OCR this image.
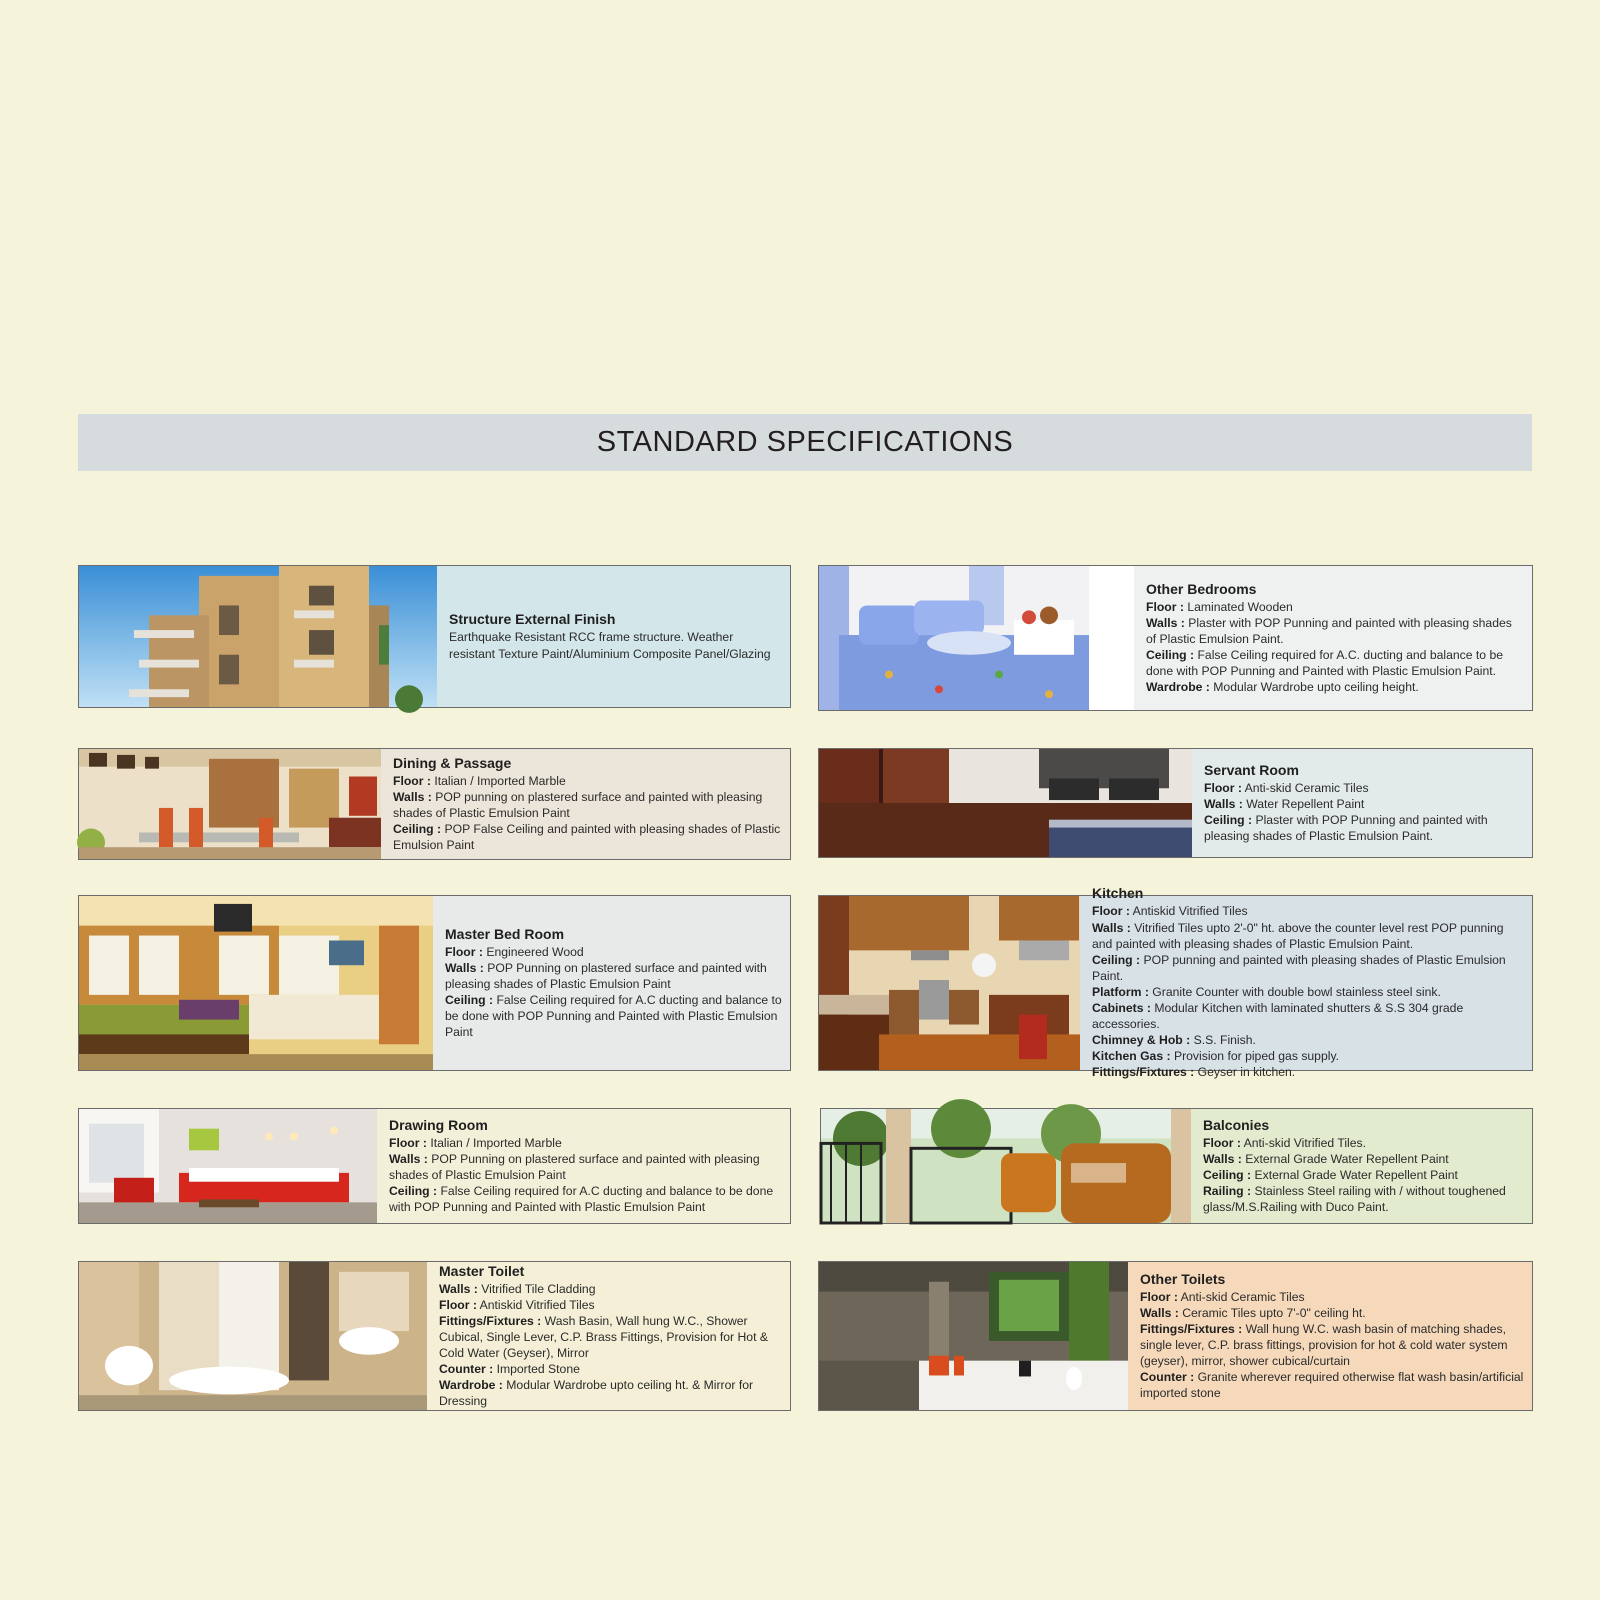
STANDARD SPECIFICATIONS
Structure External Finish
Earthquake Resistant RCC frame structure. Weather resistant Texture Paint/Aluminium Composite Panel/Glazing
Other Bedrooms
Floor : Laminated Wooden
Walls : Plaster with POP Punning and painted with pleasing shades of Plastic Emulsion Paint.
Ceiling : False Ceiling required for A.C. ducting and balance to be done with POP Punning and Painted with Plastic Emulsion Paint.
Wardrobe : Modular Wardrobe upto ceiling height.
Dining & Passage
Floor : Italian / Imported Marble
Walls : POP punning on plastered surface and painted with pleasing shades of Plastic Emulsion Paint
Ceiling : POP False Ceiling and painted with pleasing shades of Plastic Emulsion Paint
Servant Room
Floor : Anti-skid Ceramic Tiles
Walls : Water Repellent Paint
Ceiling : Plaster with POP Punning and painted with pleasing shades of Plastic Emulsion Paint.
Master Bed Room
Floor : Engineered Wood
Walls : POP Punning on plastered surface and painted with pleasing shades of Plastic Emulsion Paint
Ceiling : False Ceiling required for A.C ducting and balance to be done with POP Punning and Painted with Plastic Emulsion Paint
Kitchen
Floor : Antiskid Vitrified Tiles
Walls : Vitrified Tiles upto 2'-0" ht. above the counter level rest POP punning and painted with pleasing shades of Plastic Emulsion Paint.
Ceiling : POP punning and painted with pleasing shades of Plastic Emulsion Paint.
Platform : Granite Counter with double bowl stainless steel sink.
Cabinets : Modular Kitchen with laminated shutters & S.S 304 grade accessories.
Chimney & Hob : S.S. Finish.
Kitchen Gas : Provision for piped gas supply.
Fittings/Fixtures : Geyser in kitchen.
Drawing Room
Floor : Italian / Imported Marble
Walls : POP Punning on plastered surface and painted with pleasing shades of Plastic Emulsion Paint
Ceiling : False Ceiling required for A.C ducting and balance to be done with POP Punning and Painted with Plastic Emulsion Paint
Balconies
Floor : Anti-skid Vitrified Tiles.
Walls : External Grade Water Repellent Paint
Ceiling : External Grade Water Repellent Paint
Railing : Stainless Steel railing with / without toughened glass/M.S.Railing with Duco Paint.
Master Toilet
Walls : Vitrified Tile Cladding
Floor : Antiskid Vitrified Tiles
Fittings/Fixtures : Wash Basin, Wall hung W.C., Shower Cubical, Single Lever, C.P. Brass Fittings, Provision for Hot & Cold Water (Geyser), Mirror
Counter : Imported Stone
Wardrobe : Modular Wardrobe upto ceiling ht. & Mirror for Dressing
Other Toilets
Floor : Anti-skid Ceramic Tiles
Walls : Ceramic Tiles upto 7'-0" ceiling ht.
Fittings/Fixtures : Wall hung W.C. wash basin of matching shades, single lever, C.P. brass fittings, provision for hot & cold water system (geyser), mirror, shower cubical/curtain
Counter : Granite wherever required otherwise flat wash basin/artificial imported stone
